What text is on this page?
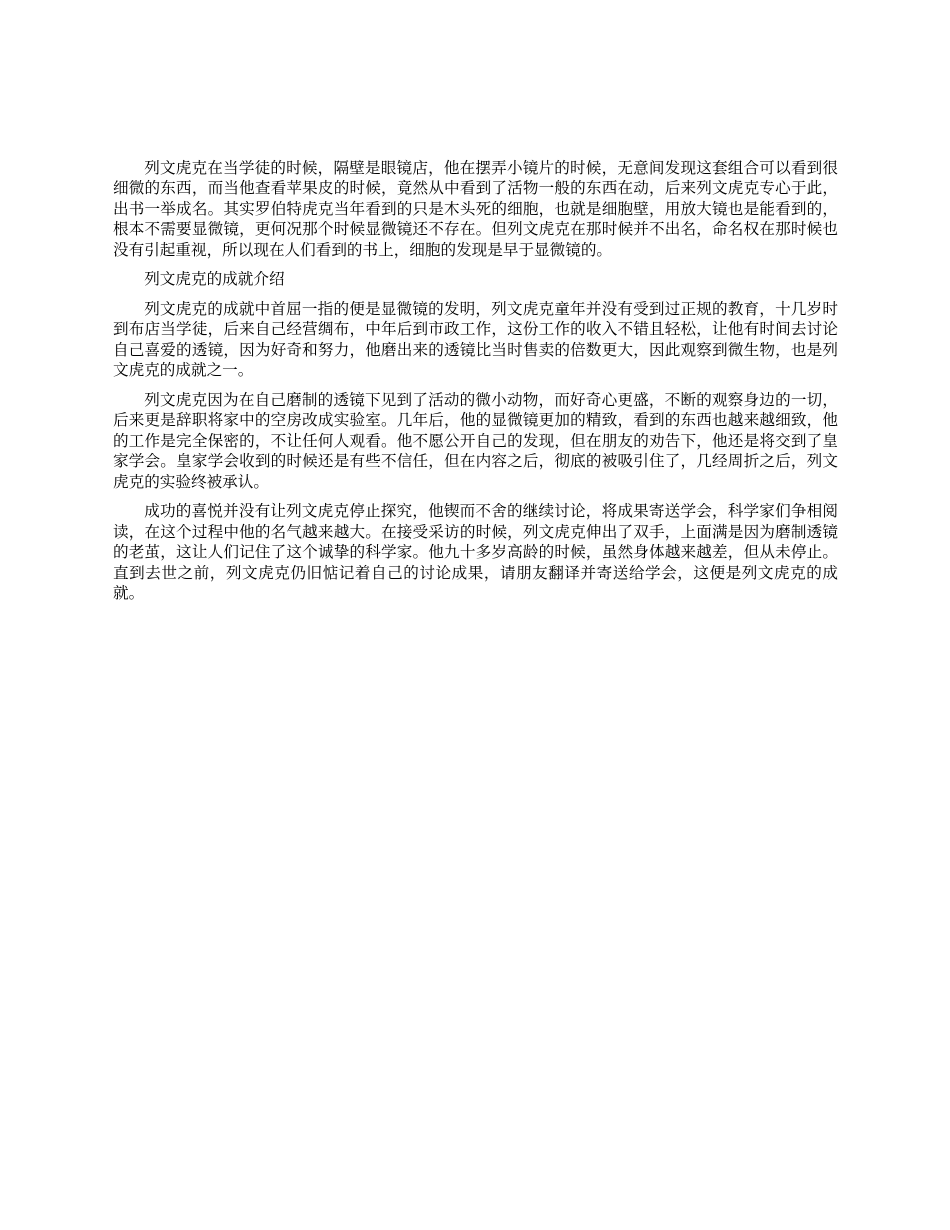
列文虎克在当学徒的时候，隔壁是眼镜店，他在摆弄小镜片的时候，无意间发现这套组合可以看到很细微的东西，而当他查看苹果皮的时候，竟然从中看到了活物一般的东西在动，后来列文虎克专心于此，出书一举成名。其实罗伯特虎克当年看到的只是木头死的细胞，也就是细胞壁，用放大镜也是能看到的，根本不需要显微镜，更何况那个时候显微镜还不存在。但列文虎克在那时候并不出名，命名权在那时候也没有引起重视，所以现在人们看到的书上，细胞的发现是早于显微镜的。

列文虎克的成就介绍

列文虎克的成就中首屈一指的便是显微镜的发明，列文虎克童年并没有受到过正规的教育，十几岁时到布店当学徒，后来自己经营绸布，中年后到市政工作，这份工作的收入不错且轻松，让他有时间去讨论自己喜爱的透镜，因为好奇和努力，他磨出来的透镜比当时售卖的倍数更大，因此观察到微生物，也是列文虎克的成就之一。

列文虎克因为在自己磨制的透镜下见到了活动的微小动物，而好奇心更盛，不断的观察身边的一切，后来更是辞职将家中的空房改成实验室。几年后，他的显微镜更加的精致，看到的东西也越来越细致，他的工作是完全保密的，不让任何人观看。他不愿公开自己的发现，但在朋友的劝告下，他还是将交到了皇家学会。皇家学会收到的时候还是有些不信任，但在内容之后，彻底的被吸引住了，几经周折之后，列文虎克的实验终被承认。

成功的喜悦并没有让列文虎克停止探究，他锲而不舍的继续讨论，将成果寄送学会，科学家们争相阅读，在这个过程中他的名气越来越大。在接受采访的时候，列文虎克伸出了双手，上面满是因为磨制透镜的老茧，这让人们记住了这个诚挚的科学家。他九十多岁高龄的时候，虽然身体越来越差，但从未停止。直到去世之前，列文虎克仍旧惦记着自己的讨论成果，请朋友翻译并寄送给学会，这便是列文虎克的成就。
